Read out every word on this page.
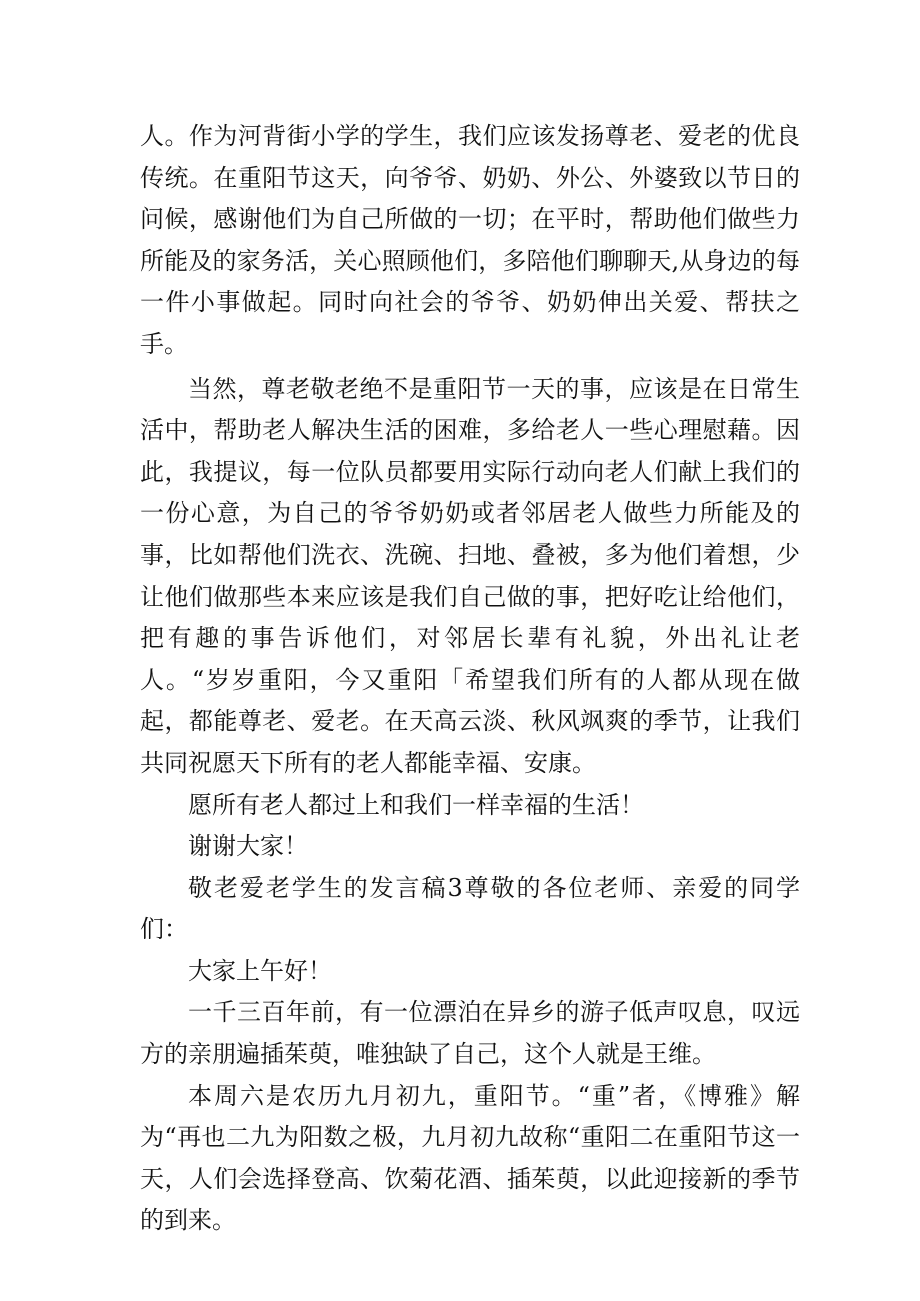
人。作为河背街小学的学生，我们应该发扬尊老、爱老的优良传统。在重阳节这天，向爷爷、奶奶、外公、外婆致以节日的问候，感谢他们为自己所做的一切；在平时，帮助他们做些力所能及的家务活，关心照顾他们，多陪他们聊聊天,从身边的每一件小事做起。同时向社会的爷爷、奶奶伸出关爱、帮扶之手。

当然，尊老敬老绝不是重阳节一天的事，应该是在日常生活中，帮助老人解决生活的困难，多给老人一些心理慰藉。因此，我提议，每一位队员都要用实际行动向老人们献上我们的一份心意，为自己的爷爷奶奶或者邻居老人做些力所能及的事，比如帮他们洗衣、洗碗、扫地、叠被，多为他们着想，少让他们做那些本来应该是我们自己做的事，把好吃让给他们，把有趣的事告诉他们，对邻居长辈有礼貌，外出礼让老人。“岁岁重阳，今又重阳「希望我们所有的人都从现在做起，都能尊老、爱老。在天高云淡、秋风飒爽的季节，让我们共同祝愿天下所有的老人都能幸福、安康。

愿所有老人都过上和我们一样幸福的生活！

谢谢大家！

敬老爱老学生的发言稿3尊敬的各位老师、亲爱的同学们：

大家上午好！

一千三百年前，有一位漂泊在异乡的游子低声叹息，叹远方的亲朋遍插茱萸，唯独缺了自己，这个人就是王维。

本周六是农历九月初九，重阳节。“重”者，《博雅》解为“再也二九为阳数之极，九月初九故称“重阳二在重阳节这一天，人们会选择登高、饮菊花酒、插茱萸，以此迎接新的季节的到来。
